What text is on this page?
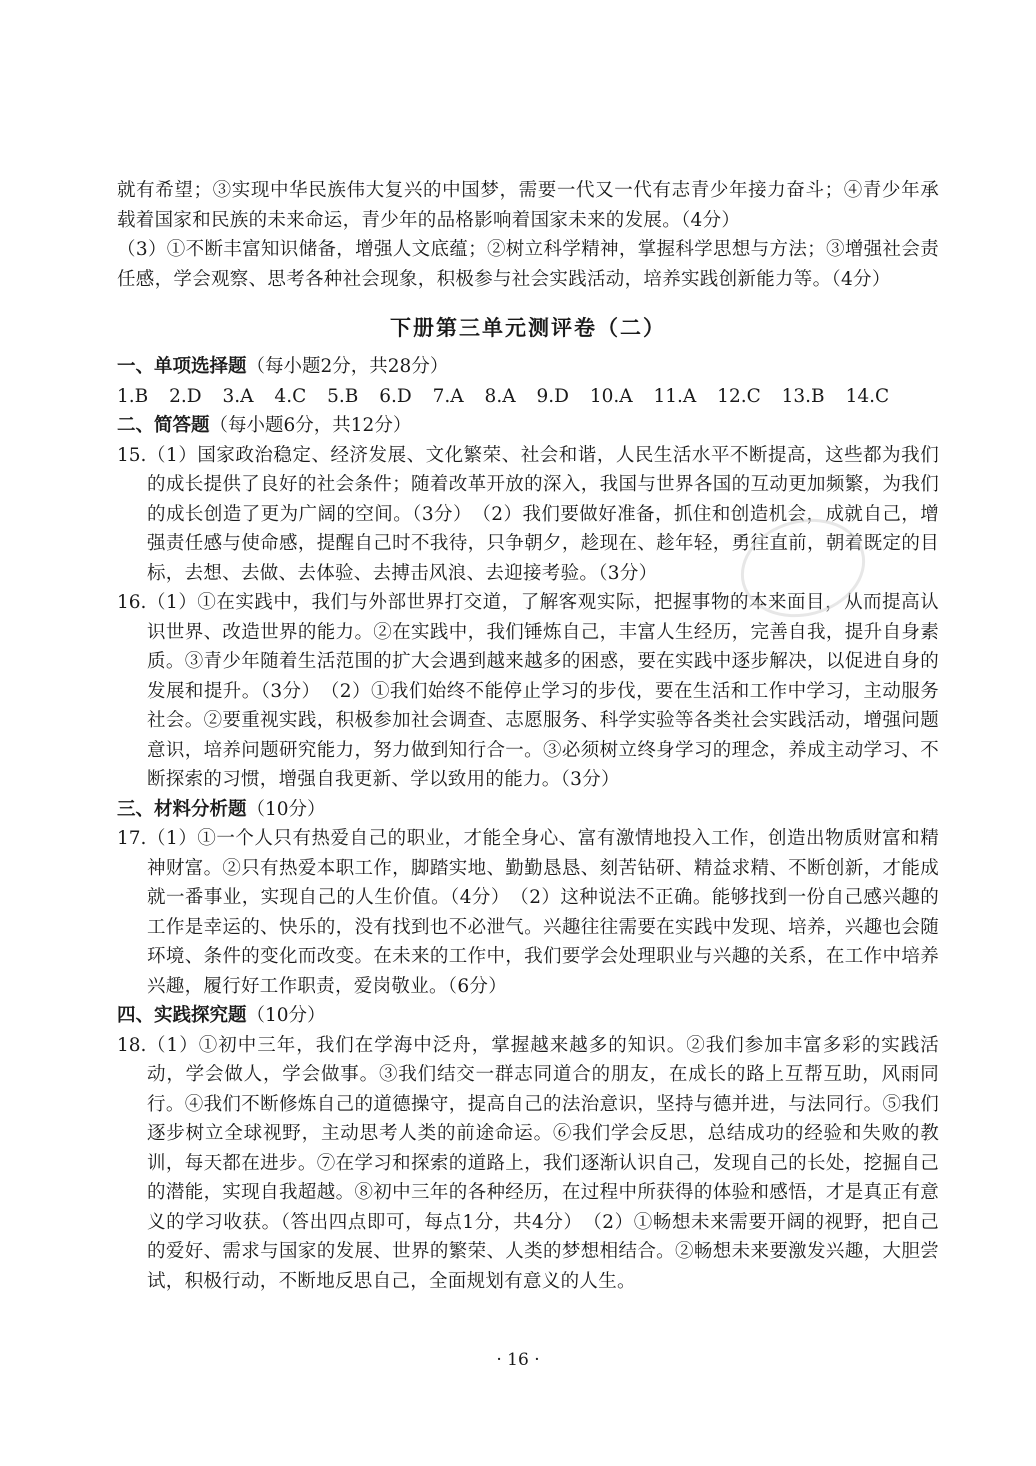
就有希望；③实现中华民族伟大复兴的中国梦，需要一代又一代有志青少年接力奋斗；④青少年承载着国家和民族的未来命运，青少年的品格影响着国家未来的发展。（4分）

（3）①不断丰富知识储备，增强人文底蕴；②树立科学精神，掌握科学思想与方法；③增强社会责任感，学会观察、思考各种社会现象，积极参与社会实践活动，培养实践创新能力等。（4分）

下册第三单元测评卷（二）

一、单项选择题（每小题2分，共28分）

1.B 2.D 3.A 4.C 5.B 6.D 7.A 8.A 9.D 10.A 11.A 12.C 13.B 14.C

二、简答题（每小题6分，共12分）

15. （1）国家政治稳定、经济发展、文化繁荣、社会和谐，人民生活水平不断提高，这些都为我们的成长提供了良好的社会条件；随着改革开放的深入，我国与世界各国的互动更加频繁，为我们的成长创造了更为广阔的空间。（3分）　（2）我们要做好准备，抓住和创造机会，成就自己，增强责任感与使命感，提醒自己时不我待，只争朝夕，趁现在、趁年轻，勇往直前，朝着既定的目标，去想、去做、去体验、去搏击风浪、去迎接考验。（3分）
16. （1）①在实践中，我们与外部世界打交道，了解客观实际，把握事物的本来面目，从而提高认识世界、改造世界的能力。②在实践中，我们锤炼自己，丰富人生经历，完善自我，提升自身素质。③青少年随着生活范围的扩大会遇到越来越多的困惑，要在实践中逐步解决，以促进自身的发展和提升。（3分）　（2）①我们始终不能停止学习的步伐，要在生活和工作中学习，主动服务社会。②要重视实践，积极参加社会调查、志愿服务、科学实验等各类社会实践活动，增强问题意识，培养问题研究能力，努力做到知行合一。③必须树立终身学习的理念，养成主动学习、不断探索的习惯，增强自我更新、学以致用的能力。（3分）

三、材料分析题（10分）

17. （1）①一个人只有热爱自己的职业，才能全身心、富有激情地投入工作，创造出物质财富和精神财富。②只有热爱本职工作，脚踏实地、勤勤恳恳、刻苦钻研、精益求精、不断创新，才能成就一番事业，实现自己的人生价值。（4分）　（2）这种说法不正确。能够找到一份自己感兴趣的工作是幸运的、快乐的，没有找到也不必泄气。兴趣往往需要在实践中发现、培养，兴趣也会随环境、条件的变化而改变。在未来的工作中，我们要学会处理职业与兴趣的关系，在工作中培养兴趣，履行好工作职责，爱岗敬业。（6分）

四、实践探究题（10分）

18. （1）①初中三年，我们在学海中泛舟，掌握越来越多的知识。②我们参加丰富多彩的实践活动，学会做人，学会做事。③我们结交一群志同道合的朋友，在成长的路上互帮互助，风雨同行。④我们不断修炼自己的道德操守，提高自己的法治意识，坚持与德并进，与法同行。⑤我们逐步树立全球视野，主动思考人类的前途命运。⑥我们学会反思，总结成功的经验和失败的教训，每天都在进步。⑦在学习和探索的道路上，我们逐渐认识自己，发现自己的长处，挖掘自己的潜能，实现自我超越。⑧初中三年的各种经历，在过程中所获得的体验和感悟，才是真正有意义的学习收获。（答出四点即可，每点1分，共4分）　（2）①畅想未来需要开阔的视野，把自己的爱好、需求与国家的发展、世界的繁荣、人类的梦想相结合。②畅想未来要激发兴趣，大胆尝试，积极行动，不断地反思自己，全面规划有意义的人生。
· 16 ·
